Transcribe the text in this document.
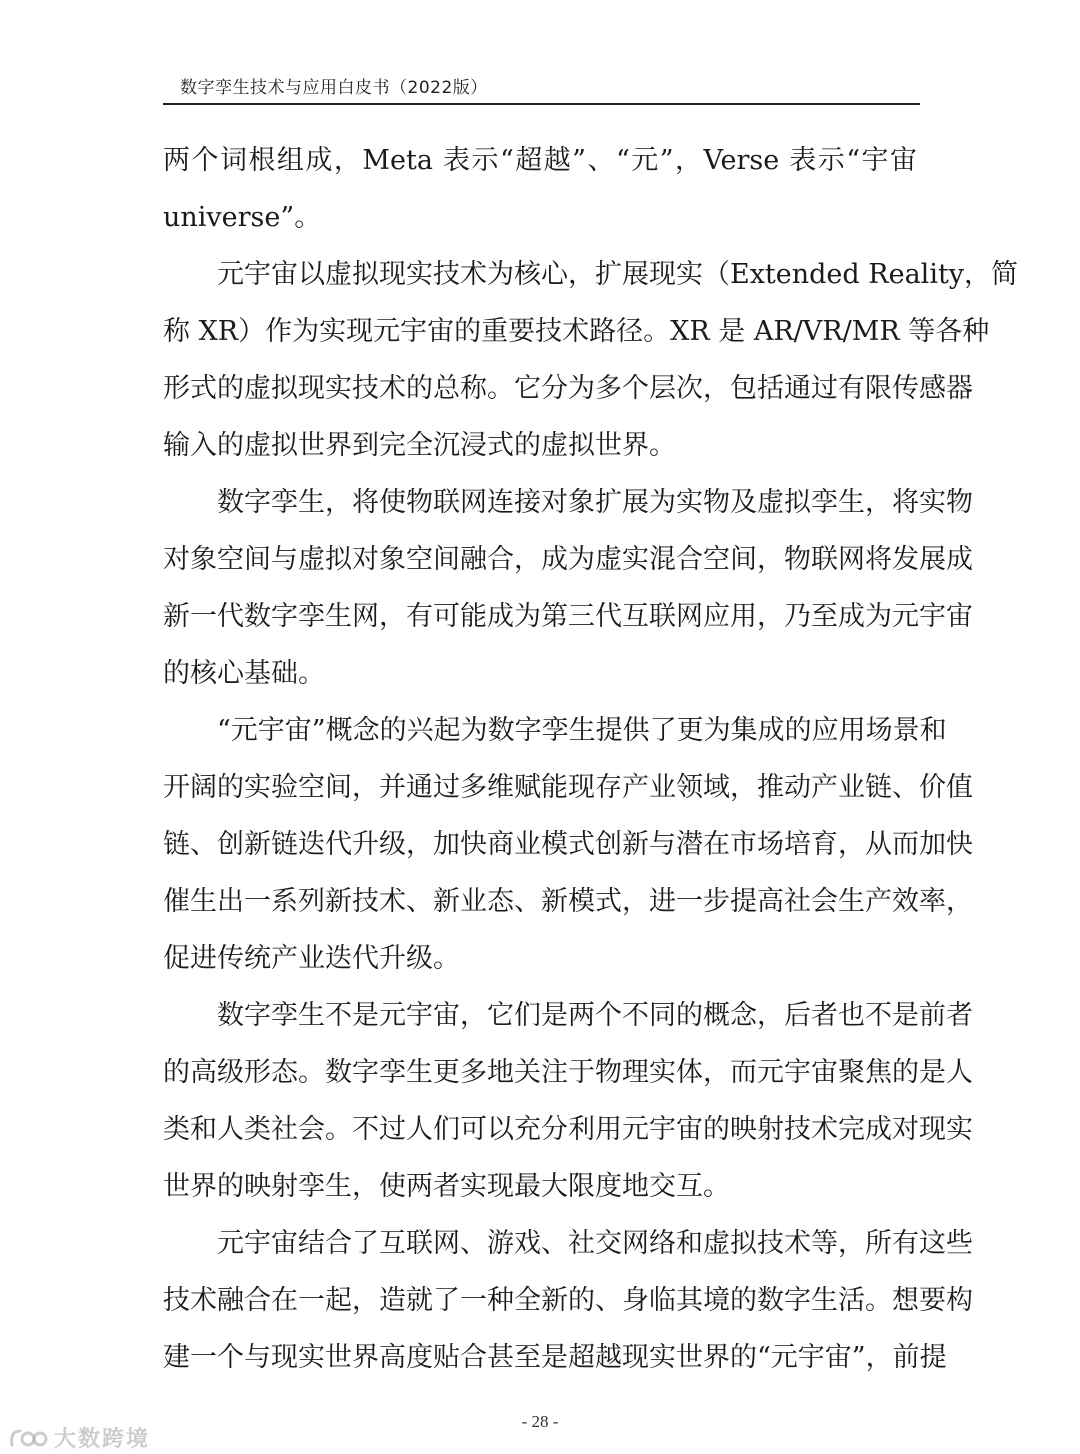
数字孪生技术与应用白皮书（2022版）
两个词根组成，Meta 表示“超越”、“元”，Verse 表示“宇宙
universe”。
元宇宙以虚拟现实技术为核心，扩展现实（Extended Reality，简
称 XR）作为实现元宇宙的重要技术路径。XR 是 AR/VR/MR 等各种
形式的虚拟现实技术的总称。它分为多个层次，包括通过有限传感器
输入的虚拟世界到完全沉浸式的虚拟世界。
数字孪生，将使物联网连接对象扩展为实物及虚拟孪生，将实物
对象空间与虚拟对象空间融合，成为虚实混合空间，物联网将发展成
新一代数字孪生网，有可能成为第三代互联网应用，乃至成为元宇宙
的核心基础。
“元宇宙”概念的兴起为数字孪生提供了更为集成的应用场景和
开阔的实验空间，并通过多维赋能现存产业领域，推动产业链、价值
链、创新链迭代升级，加快商业模式创新与潜在市场培育，从而加快
催生出一系列新技术、新业态、新模式，进一步提高社会生产效率，
促进传统产业迭代升级。
数字孪生不是元宇宙，它们是两个不同的概念，后者也不是前者
的高级形态。数字孪生更多地关注于物理实体，而元宇宙聚焦的是人
类和人类社会。不过人们可以充分利用元宇宙的映射技术完成对现实
世界的映射孪生，使两者实现最大限度地交互。
元宇宙结合了互联网、游戏、社交网络和虚拟技术等，所有这些
技术融合在一起，造就了一种全新的、身临其境的数字生活。想要构
建一个与现实世界高度贴合甚至是超越现实世界的“元宇宙”，前提
- 28 -
大数跨境
